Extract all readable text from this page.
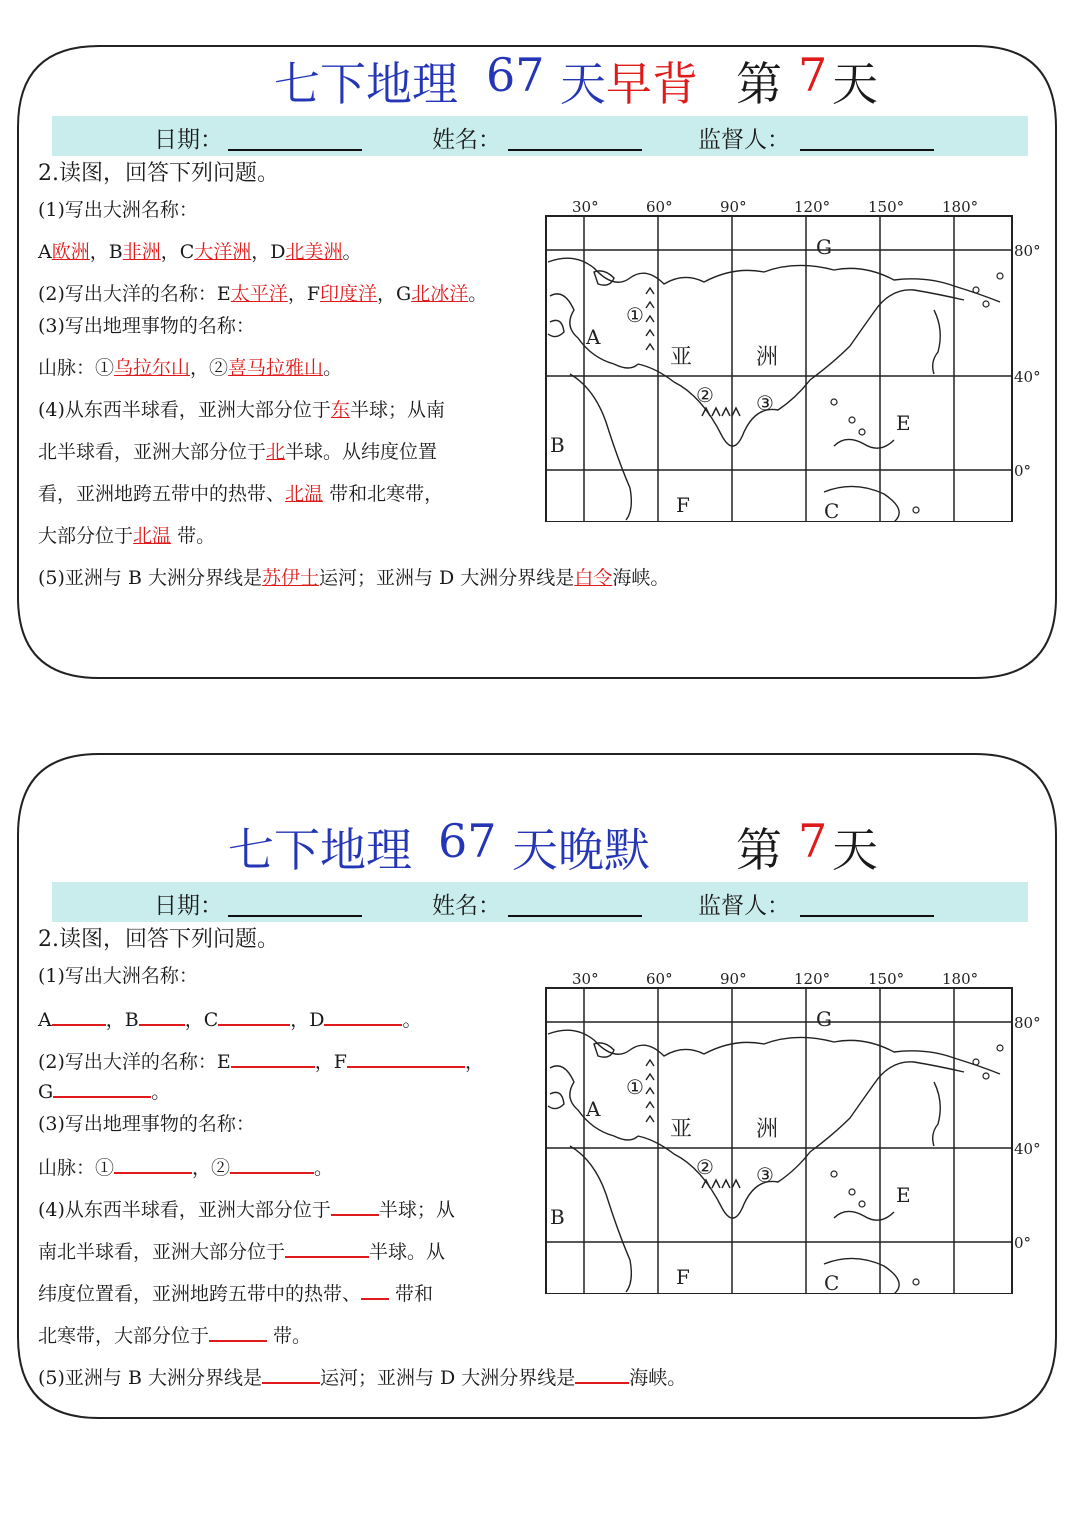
七下地理 67 天 早背 第 7 天
日期：	姓名：	监督人：
2.读图，回答下列问题。
(1)写出大洲名称：
A欧洲，B非洲，C大洋洲，D北美洲。
(2)写出大洋的名称：E太平洋，F印度洋，G北冰洋。
(3)写出地理事物的名称：
山脉：①乌拉尔山，②喜马拉雅山。
(4)从东西半球看，亚洲大部分位于东半球；从南
北半球看，亚洲大部分位于北半球。从纬度位置
看，亚洲地跨五带中的热带、北温 带和北寒带，
大部分位于北温 带。
(5)亚洲与 B 大洲分界线是苏伊士运河；亚洲与 D 大洲分界线是白令海峡。
30°	60°	90°	120°	150°	180°
80°
40°
0°
①
② ③
A
B
C
E
F
G
亚	洲
七下地理 67 天晚默 第 7 天
日期：	姓名：	监督人：
2.读图，回答下列问题。
(1)写出大洲名称：
A	，B ，C	，D	。
(2)写出大洋的名称：E	，F	，
G	。
(3)写出地理事物的名称：
山脉：①	，②	。
(4)从东西半球看，亚洲大部分位于	半球；从
南北半球看，亚洲大部分位于	半球。从
纬度位置看，亚洲地跨五带中的热带、 带和
北寒带，大部分位于	带。
(5)亚洲与 B 大洲分界线是	运河；亚洲与 D 大洲分界线是	海峡。
30°	60°	90°	120°	150°	180°
80°
40°
0°
①
② ③
A
B
C
E
F
G
亚	洲
